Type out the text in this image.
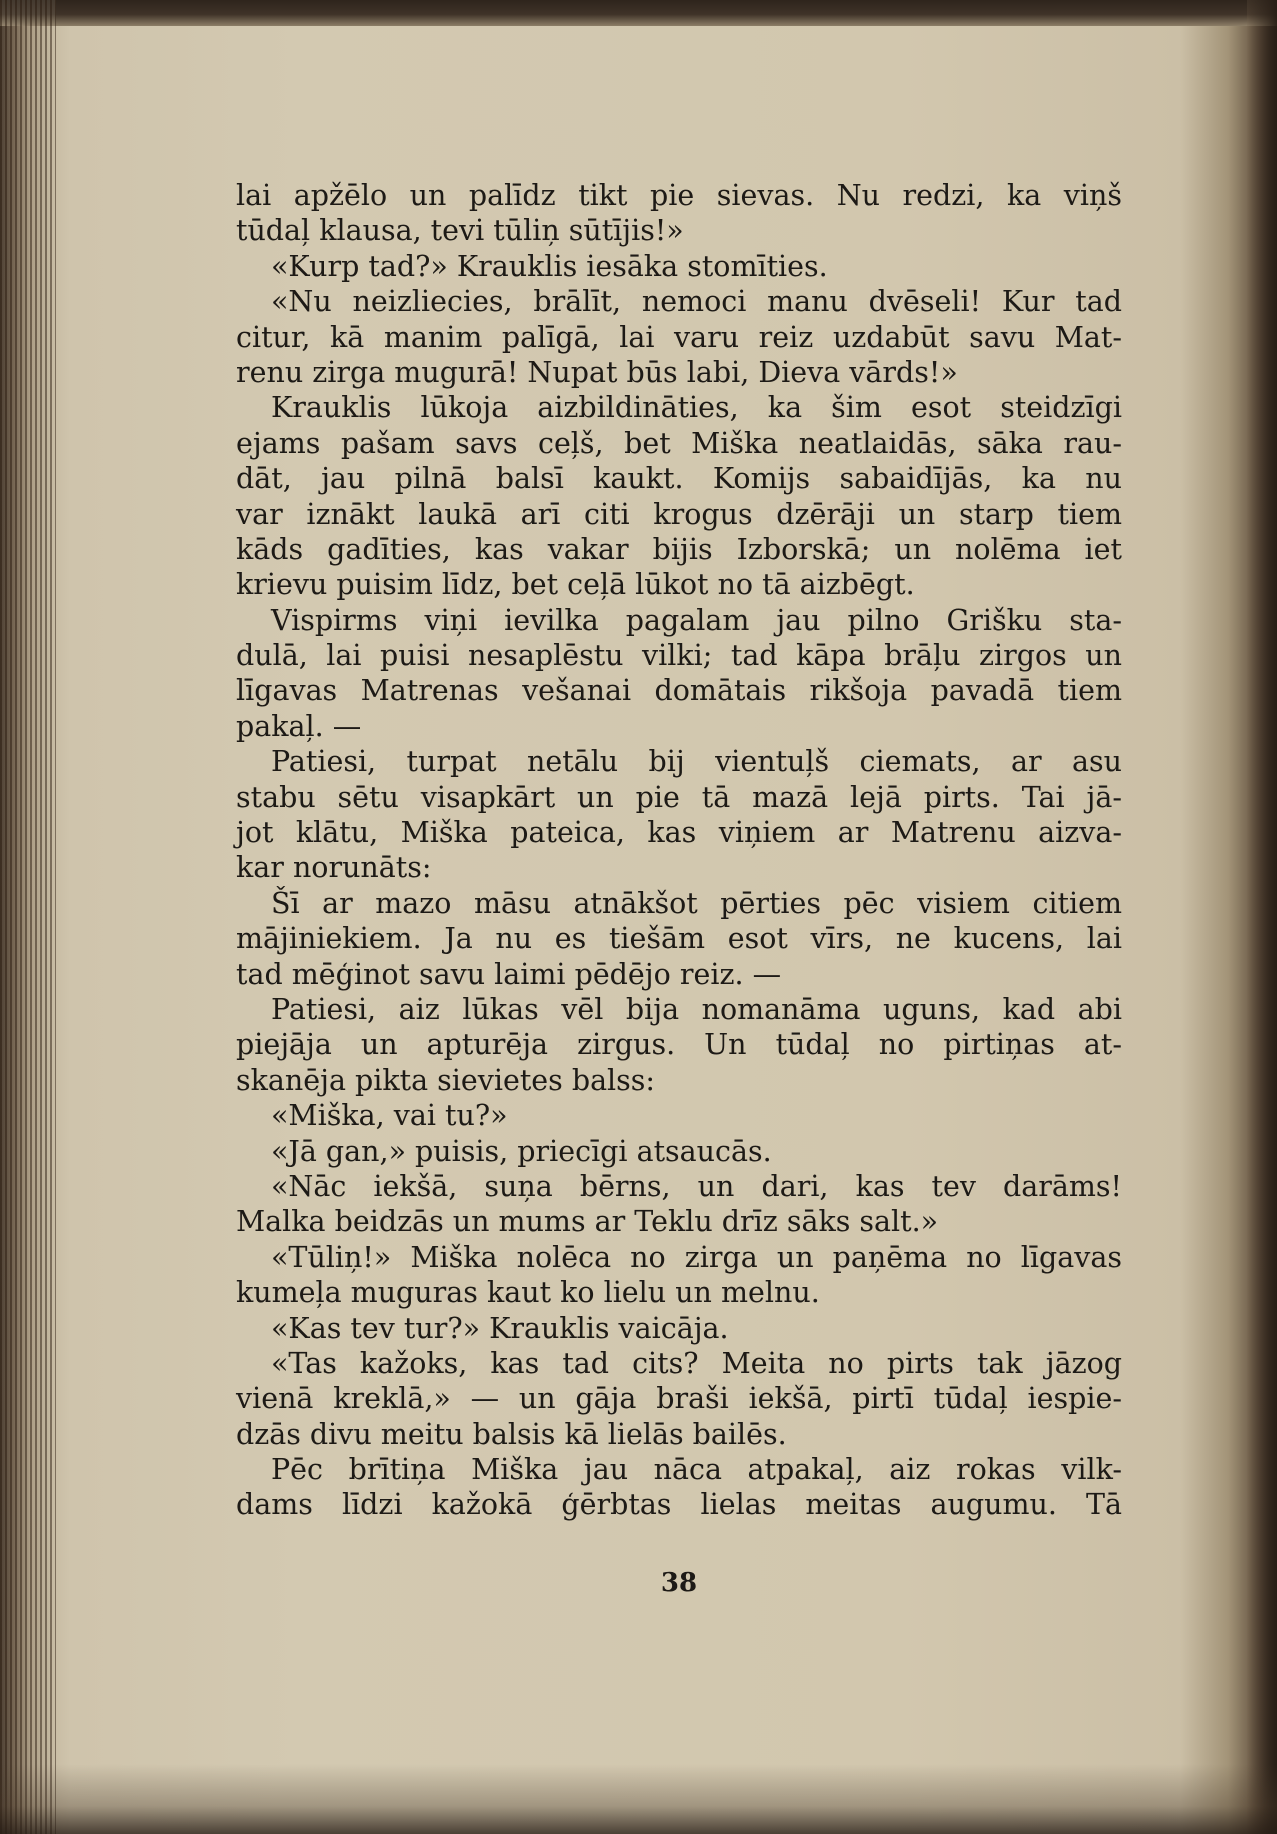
lai apžēlo un palīdz tikt pie sievas. Nu redzi, ka viņš
tūdaļ klausa, tevi tūliņ sūtījis!»
«Kurp tad?» Krauklis iesāka stomīties.
«Nu neizliecies, brālīt, nemoci manu dvēseli! Kur tad
citur, kā manim palīgā, lai varu reiz uzdabūt savu Mat-
renu zirga mugurā! Nupat būs labi, Dieva vārds!»
Krauklis lūkoja aizbildināties, ka šim esot steidzīgi
ejams pašam savs ceļš, bet Miška neatlaidās, sāka rau-
dāt, jau pilnā balsī kaukt. Komijs sabaidījās, ka nu
var iznākt laukā arī citi krogus dzērāji un starp tiem
kāds gadīties, kas vakar bijis Izborskā; un nolēma iet
krievu puisim līdz, bet ceļā lūkot no tā aizbēgt.
Vispirms viņi ievilka pagalam jau pilno Grišku sta-
dulā, lai puisi nesaplēstu vilki; tad kāpa brāļu zirgos un
līgavas Matrenas vešanai domātais rikšoja pavadā tiem
pakaļ. —
Patiesi, turpat netālu bij vientuļš ciemats, ar asu
stabu sētu visapkārt un pie tā mazā lejā pirts. Tai jā-
jot klātu, Miška pateica, kas viņiem ar Matrenu aizva-
kar norunāts:
Šī ar mazo māsu atnākšot pērties pēc visiem citiem
mājiniekiem. Ja nu es tiešām esot vīrs, ne kucens, lai
tad mēģinot savu laimi pēdējo reiz. —
Patiesi, aiz lūkas vēl bija nomanāma uguns, kad abi
piejāja un apturēja zirgus. Un tūdaļ no pirtiņas at-
skanēja pikta sievietes balss:
«Miška, vai tu?»
«Jā gan,» puisis, priecīgi atsaucās.
«Nāc iekšā, suņa bērns, un dari, kas tev darāms!
Malka beidzās un mums ar Teklu drīz sāks salt.»
«Tūliņ!» Miška nolēca no zirga un paņēma no līgavas
kumeļa muguras kaut ko lielu un melnu.
«Kas tev tur?» Krauklis vaicāja.
«Tas kažoks, kas tad cits? Meita no pirts tak jāzog
vienā kreklā,» — un gāja braši iekšā, pirtī tūdaļ iespie-
dzās divu meitu balsis kā lielās bailēs.
Pēc brītiņa Miška jau nāca atpakaļ, aiz rokas vilk-
dams līdzi kažokā ģērbtas lielas meitas augumu. Tā
38
